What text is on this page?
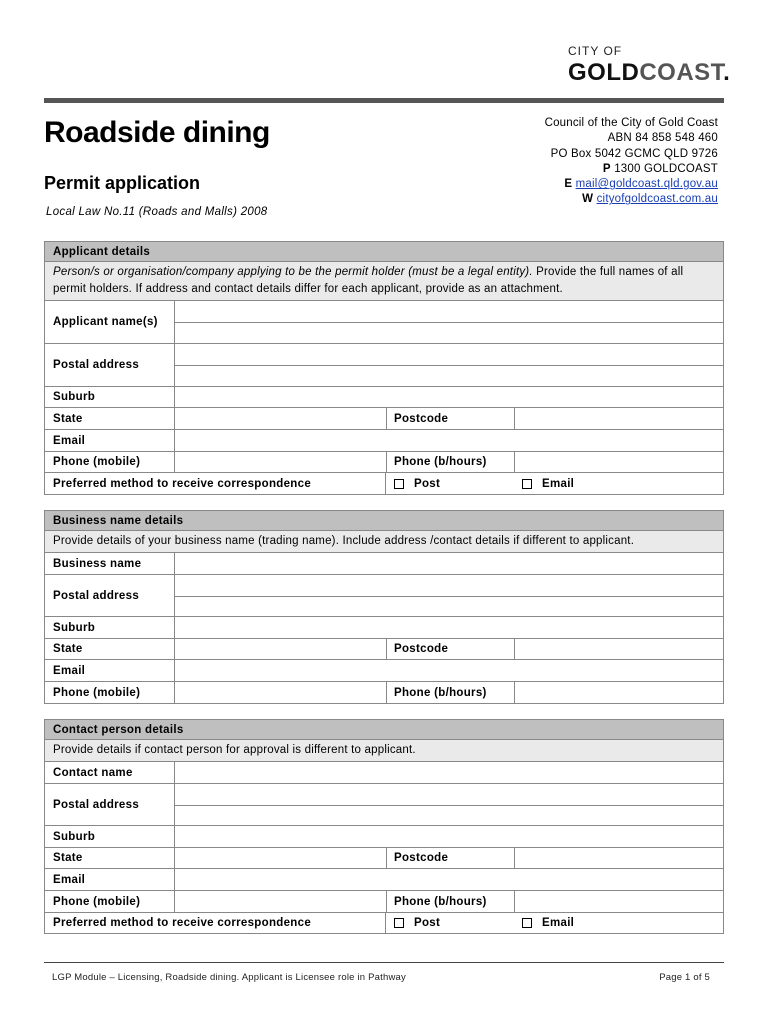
CITY OF
GOLDCOAST.
Roadside dining
Permit application
Local Law No.11 (Roads and Malls) 2008
Council of the City of Gold Coast
ABN 84 858 548 460
PO Box 5042 GCMC QLD 9726
P 1300 GOLDCOAST
E mail@goldcoast.qld.gov.au
W cityofgoldcoast.com.au
Applicant details
Person/s or organisation/company applying to be the permit holder (must be a legal entity). Provide the full names of all permit holders. If address and contact details differ for each applicant, provide as an attachment.
Applicant name(s)
Postal address
Suburb
State	Postcode
Email
Phone (mobile)	Phone (b/hours)
Preferred method to receive correspondence	Post	Email
Business name details
Provide details of your business name (trading name). Include address /contact details if different to applicant.
Business name
Postal address
Suburb
State	Postcode
Email
Phone (mobile)	Phone (b/hours)
Contact person details
Provide details if contact person for approval is different to applicant.
Contact name
Postal address
Suburb
State	Postcode
Email
Phone (mobile)	Phone (b/hours)
Preferred method to receive correspondence	Post	Email
LGP Module – Licensing, Roadside dining. Applicant is Licensee role in Pathway	Page 1 of 5
